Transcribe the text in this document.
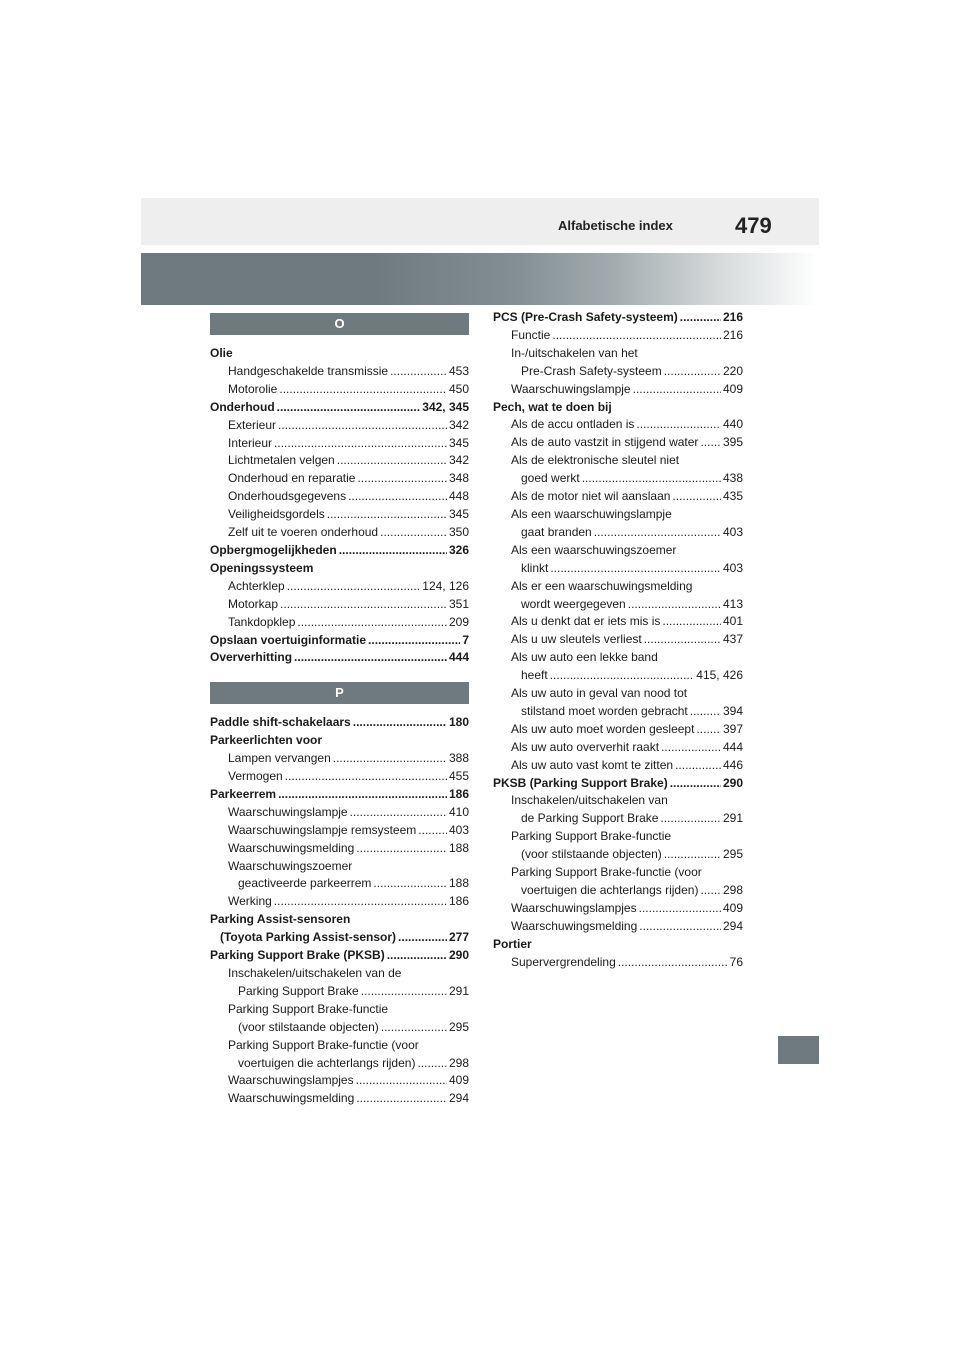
Alfabetische index	479
O
Olie
Handgeschakelde transmissie .....	453
Motorolie .....	450
Onderhoud .....	342, 345
Exterieur .....	342
Interieur .....	345
Lichtmetalen velgen .....	342
Onderhoud en reparatie .....	348
Onderhoudsgegevens .....	448
Veiligheidsgordels .....	345
Zelf uit te voeren onderhoud .....	350
Opbergmogelijkheden .....	326
Openingssysteem
Achterklep .....	124, 126
Motorkap .....	351
Tankdopklep .....	209
Opslaan voertuiginformatie .....	7
Oververhitting .....	444
P
Paddle shift-schakelaars .....	180
Parkeerlichten voor
Lampen vervangen .....	388
Vermogen .....	455
Parkeerrem .....	186
Waarschuwingslampje .....	410
Waarschuwingslampje remsysteem .....	403
Waarschuwingsmelding .....	188
Waarschuwingszoemer
geactiveerde parkeerrem .....	188
Werking .....	186
Parking Assist-sensoren
(Toyota Parking Assist-sensor) .....	277
Parking Support Brake (PKSB) .....	290
Inschakelen/uitschakelen van de
Parking Support Brake .....	291
Parking Support Brake-functie
(voor stilstaande objecten) .....	295
Parking Support Brake-functie (voor
voertuigen die achterlangs rijden) .....	298
Waarschuwingslampjes .....	409
Waarschuwingsmelding .....	294
PCS (Pre-Crash Safety-systeem) .....	216
Functie .....	216
In-/uitschakelen van het
Pre-Crash Safety-systeem .....	220
Waarschuwingslampje .....	409
Pech, wat te doen bij
Als de accu ontladen is .....	440
Als de auto vastzit in stijgend water ..... 395
Als de elektronische sleutel niet
goed werkt .....	438
Als de motor niet wil aanslaan .....	435
Als een waarschuwingslampje
gaat branden .....	403
Als een waarschuwingszoemer
klinkt .....	403
Als er een waarschuwingsmelding
wordt weergegeven .....	413
Als u denkt dat er iets mis is .....	401
Als u uw sleutels verliest .....	437
Als uw auto een lekke band
heeft .....	415, 426
Als uw auto in geval van nood tot
stilstand moet worden gebracht .....	394
Als uw auto moet worden gesleept ..... 397
Als uw auto oververhit raakt .....	444
Als uw auto vast komt te zitten .....	446
PKSB (Parking Support Brake) .....	290
Inschakelen/uitschakelen van
de Parking Support Brake .....	291
Parking Support Brake-functie
(voor stilstaande objecten) .....	295
Parking Support Brake-functie (voor
voertuigen die achterlangs rijden) ..... 298
Waarschuwingslampjes .....	409
Waarschuwingsmelding .....	294
Portier
Supervergrendeling .....	76
